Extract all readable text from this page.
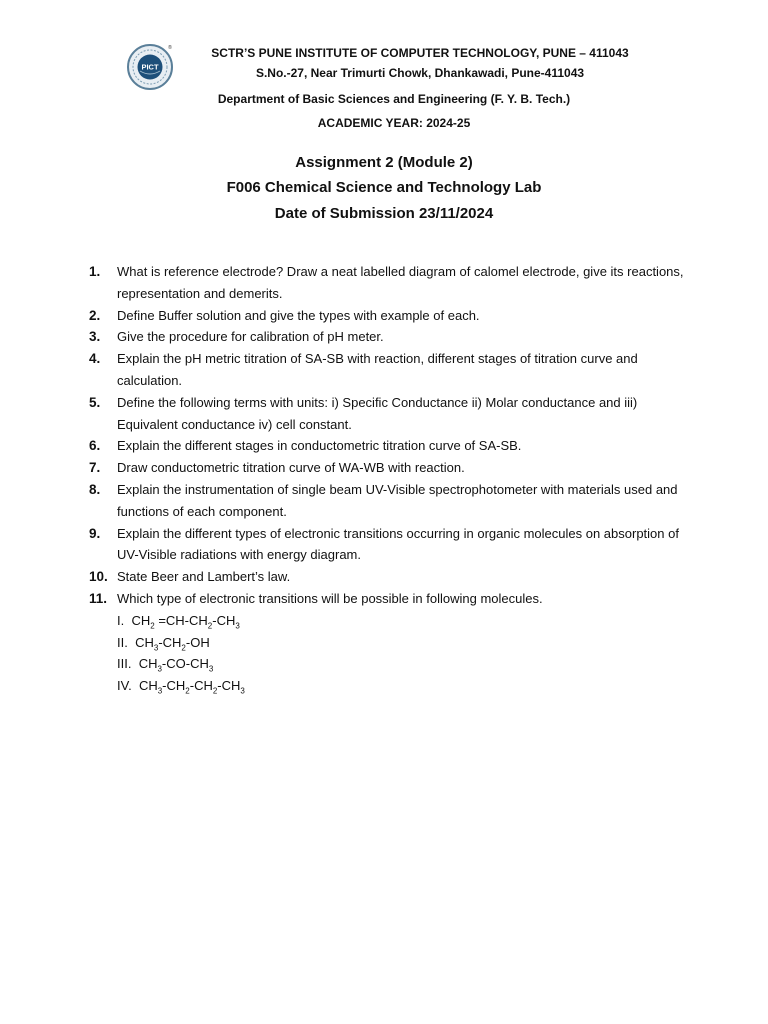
PICT
®	SCTR’S PUNE INSTITUTE OF COMPUTER TECHNOLOGY, PUNE – 411043
S.No.-27, Near Trimurti Chowk, Dhankawadi, Pune-411043
Department of Basic Sciences and Engineering (F. Y. B. Tech.)
ACADEMIC YEAR: 2024-25
Assignment 2 (Module 2)
F006 Chemical Science and Technology Lab
Date of Submission 23/11/2024
1.	What is reference electrode? Draw a neat labelled diagram of calomel electrode, give its reactions, representation and demerits.
2.	Define Buffer solution and give the types with example of each.
3.	Give the procedure for calibration of pH meter.
4.	Explain the pH metric titration of SA-SB with reaction, different stages of titration curve and calculation.
5.	Define the following terms with units: i) Specific Conductance ii) Molar conductance and iii) Equivalent conductance iv) cell constant.
6.	Explain the different stages in conductometric titration curve of SA-SB.
7.	Draw conductometric titration curve of WA-WB with reaction.
8.	Explain the instrumentation of single beam UV-Visible spectrophotometer with materials used and functions of each component.
9.	Explain the different types of electronic transitions occurring in organic molecules on absorption of UV-Visible radiations with energy diagram.
10. State Beer and Lambert’s law.
11. Which type of electronic transitions will be possible in following molecules.
I. $CH_2 =CH-CH_2-CH_3$
II. $CH_3-CH_2-OH$
III. $CH_3-CO-CH_3$
IV. $CH_3-CH_2-CH_2-CH_3$
